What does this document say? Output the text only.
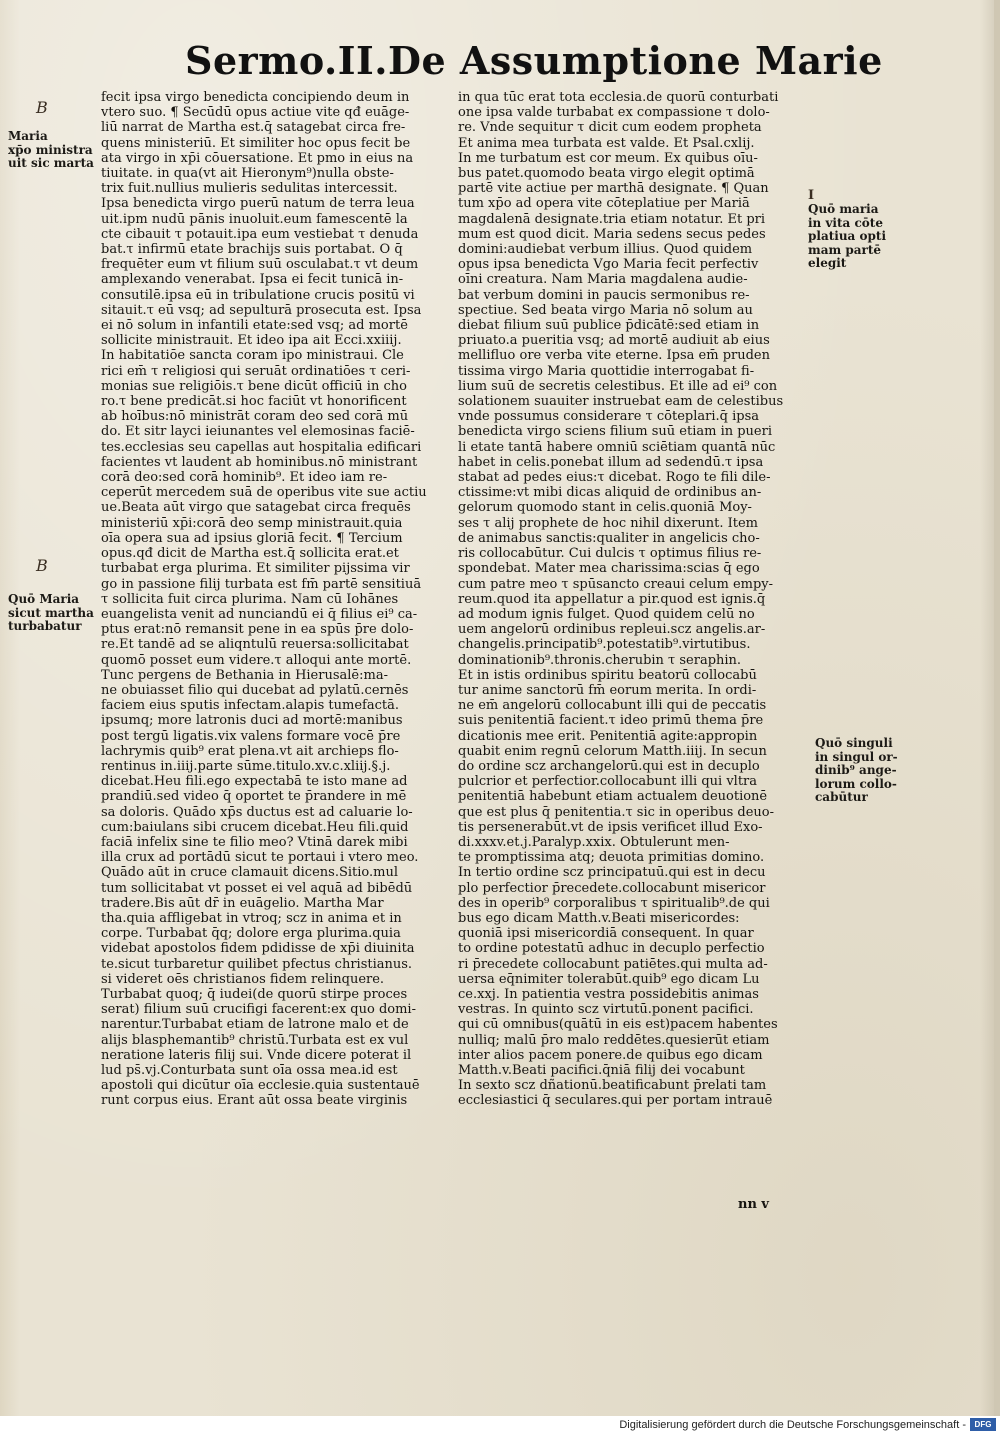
Sermo.II.De Assumptione Marie
B
B
I
Maria
xp̄o ministra
uit sic marta
Quō Maria
sicut martha
turbabatur
Quō maria
in vita cōte
platiua opti
mam partē
elegit
Quō singuli
in singul or-
dinib⁹ ange-
lorum collo-
cabūtur
fecit ipsa virgo benedicta concipiendo deum in
vtero suo. ¶ Secūdū opus actiue vite qđ euāge-
liū narrat de Martha est.q̄ satagebat circa fre-
quens ministeriū. Et similiter hoc opus fecit be
ata virgo in xp̄i cōuersatione. Et pmo in eius na
tiuitate. in qua(vt ait Hieronym⁹)nulla obste-
trix fuit.nullius mulieris sedulitas intercessit.
Ipsa benedicta virgo puerū natum de terra leua
uit.ipm nudū pānis inuoluit.eum famescentē la
cte cibauit τ potauit.ipa eum vestiebat τ denuda
bat.τ infirmū etate brachijs suis portabat. O q̄
frequēter eum vt filium suū osculabat.τ vt deum
amplexando venerabat. Ipsa ei fecit tunicā in-
consutilē.ipsa eū in tribulatione crucis positū vi
sitauit.τ eū vsq; ad sepulturā prosecuta est. Ipsa
ei nō solum in infantili etate:sed vsq; ad mortē
sollicite ministrauit. Et ideo ipa ait Ecci.xxiiij.
In habitatiōe sancta coram ipo ministraui. Cle
rici em̄ τ religiosi qui seruāt ordinatiōes τ ceri-
monias sue religiōis.τ bene dicūt officiū in cho
ro.τ bene predicāt.si hoc faciūt vt honorificent
ab hoībus:nō ministrāt coram deo sed corā mū
do. Et sit̄r layci ieiunantes vel elemosinas faciē-
tes.ecclesias seu capellas aut hospitalia edificari
facientes vt laudent ab hominibus.nō ministrant
corā deo:sed corā hominib⁹. Et ideo iam re-
ceperūt mercedem suā de operibus vite sue actiu
ue.Beata aūt virgo que satagebat circa frequēs
ministeriū xp̄i:corā deo semp ministrauit.quia
oīa opera sua ad ipsius gloriā fecit. ¶ Tercium
opus.qđ dicit de Martha est.q̄ sollicita erat.et
turbabat erga plurima. Et similiter pijssima vir
go in passione filij turbata est fm̄ partē sensitiuā
τ sollicita fuit circa plurima. Nam cū Iohānes
euangelista venit ad nunciandū ei q̄ filius ei⁹ ca-
ptus erat:nō remansit pene in ea spūs p̄re dolo-
re.Et tandē ad se aliqntulū reuersa:sollicitabat
quomō posset eum videre.τ alloqui ante mortē.
Tunc pergens de Bethania in Hierusalē:ma-
ne obuiasset filio qui ducebat ad pylatū.cernēs
faciem eius sputis infectam.alapis tumefactā.
ipsumq; more latronis duci ad mortē:manibus
post tergū ligatis.vix valens formare vocē p̄re
lachrymis quib⁹ erat plena.vt ait archieps flo-
rentinus in.iiij.parte sūme.titulo.xv.c.xliij.§.j.
dicebat.Heu fili.ego expectabā te isto mane ad
prandiū.sed video q̄ oportet te p̄randere in mē
sa doloris. Quādo xp̄s ductus est ad caluarie lo-
cum:baiulans sibi crucem dicebat.Heu fili.quid
faciā infelix sine te filio meo? Vtinā darek mibi
illa crux ad portādū sicut te portaui i vtero meo.
Quādo aūt in cruce clamauit dicens.Sitio.mul
tum sollicitabat vt posset ei vel aquā ad bibēdū
tradere.Bis aūt dr̄ in euāgelio. Martha Mar
tha.quia affligebat in vtroq; scz in anima et in
corpe. Turbabat q̄q; dolore erga plurima.quia
videbat apostolos fidem pdidisse de xp̄i diuinita
te.sicut turbaretur quilibet pfectus christianus.
si videret oēs christianos fidem relinquere.
Turbabat quoq; q̄ iudei(de quorū stirpe proces
serat) filium suū crucifigi facerent:ex quo domi-
narentur.Turbabat etiam de latrone malo et de
alijs blasphemantib⁹ christū.Turbata est ex vul
neratione lateris filij sui. Vnde dicere poterat il
lud ps̄.vj.Conturbata sunt oīa ossa mea.id est
apostoli qui dicūtur oīa ecclesie.quia sustentauē
runt corpus eius. Erant aūt ossa beate virginis
in qua tūc erat tota ecclesia.de quorū conturbati
one ipsa valde turbabat ex compassione τ dolo-
re. Vnde sequitur τ dicit cum eodem propheta
Et anima mea turbata est valde. Et Psal.cxlij.
In me turbatum est cor meum. Ex quibus oīu-
bus patet.quomodo beata virgo elegit optimā
partē vite actiue per marthā designate. ¶ Quan
tum xp̄o ad opera vite cōteplatiue per Mariā
magdalenā designate.tria etiam notatur. Et pri
mum est quod dicit. Maria sedens secus pedes
domini:audiebat verbum illius. Quod quidem
opus ipsa benedicta Vgo Maria fecit perfectiv
oīni creatura. Nam Maria magdalena audie-
bat verbum domini in paucis sermonibus re-
spectiue. Sed beata virgo Maria nō solum au
diebat filium suū publice p̄dicātē:sed etiam in
priuato.a pueritia vsq; ad mortē audiuit ab eius
mellifluo ore verba vite eterne. Ipsa em̄ pruden
tissima virgo Maria quottidie interrogabat fi-
lium suū de secretis celestibus. Et ille ad ei⁹ con
solationem suauiter instruebat eam de celestibus
vnde possumus considerare τ cōteplari.q̄ ipsa
benedicta virgo sciens filium suū etiam in pueri
li etate tantā habere omniū sciētiam quantā nūc
habet in celis.ponebat illum ad sedendū.τ ipsa
stabat ad pedes eius:τ dicebat. Rogo te fili dile-
ctissime:vt mibi dicas aliquid de ordinibus an-
gelorum quomodo stant in celis.quoniā Moy-
ses τ alij prophete de hoc nihil dixerunt. Item
de animabus sanctis:qualiter in angelicis cho-
ris collocabūtur. Cui dulcis τ optimus filius re-
spondebat. Mater mea charissima:scias q̄ ego
cum patre meo τ spūsancto creaui celum empy-
reum.quod ita appellatur a pir.quod est ignis.q̄
ad modum ignis fulget. Quod quidem celū no
uem angelorū ordinibus repleui.scz angelis.ar-
changelis.principatib⁹.potestatib⁹.virtutibus.
dominationib⁹.thronis.cherubin τ seraphin.
Et in istis ordinibus spiritu beatorū collocabū
tur anime sanctorū fm̄ eorum merita. In ordi-
ne em̄ angelorū collocabunt illi qui de peccatis
suis penitentiā facient.τ ideo primū thema p̄re
dicationis mee erit. Penitentiā agite:appropin
quabit enim regnū celorum Matth.iiij. In secun
do ordine scz archangelorū.qui est in decuplo
pulcrior et perfectior.collocabunt illi qui vltra
penitentiā habebunt etiam actualem deuotionē
que est plus q̄ penitentia.τ sic in operibus deuo-
tis persenerabūt.vt de ipsis verificet illud Exo-
di.xxxv.et.j.Paralyp.xxix. Obtulerunt men-
te promptissima atq; deuota primitias domino.
In tertio ordine scz principatuū.qui est in decu
plo perfectior p̄recedete.collocabunt misericor
des in operib⁹ corporalibus τ spiritualib⁹.de qui
bus ego dicam Matth.v.Beati misericordes:
quoniā ipsi misericordiā consequent. In quar
to ordine potestatū adhuc in decuplo perfectio
ri p̄recedete collocabunt patiētes.qui multa ad-
uersa eq̄nimiter tolerabūt.quib⁹ ego dicam Lu
ce.xxj. In patientia vestra possidebitis animas
vestras. In quinto scz virtutū.ponent pacifici.
qui cū omnibus(quātū in eis est)pacem habentes
nulliq; malū p̄ro malo reddētes.quesierūt etiam
inter alios pacem ponere.de quibus ego dicam
Matth.v.Beati pacifici.q̄niā filij dei vocabunt
In sexto scz dñationū.beatificabunt p̄relati tam
ecclesiastici q̄ seculares.qui per portam intrauē
nn v
Digitalisierung gefördert durch die Deutsche Forschungsgemeinschaft -	DFG
